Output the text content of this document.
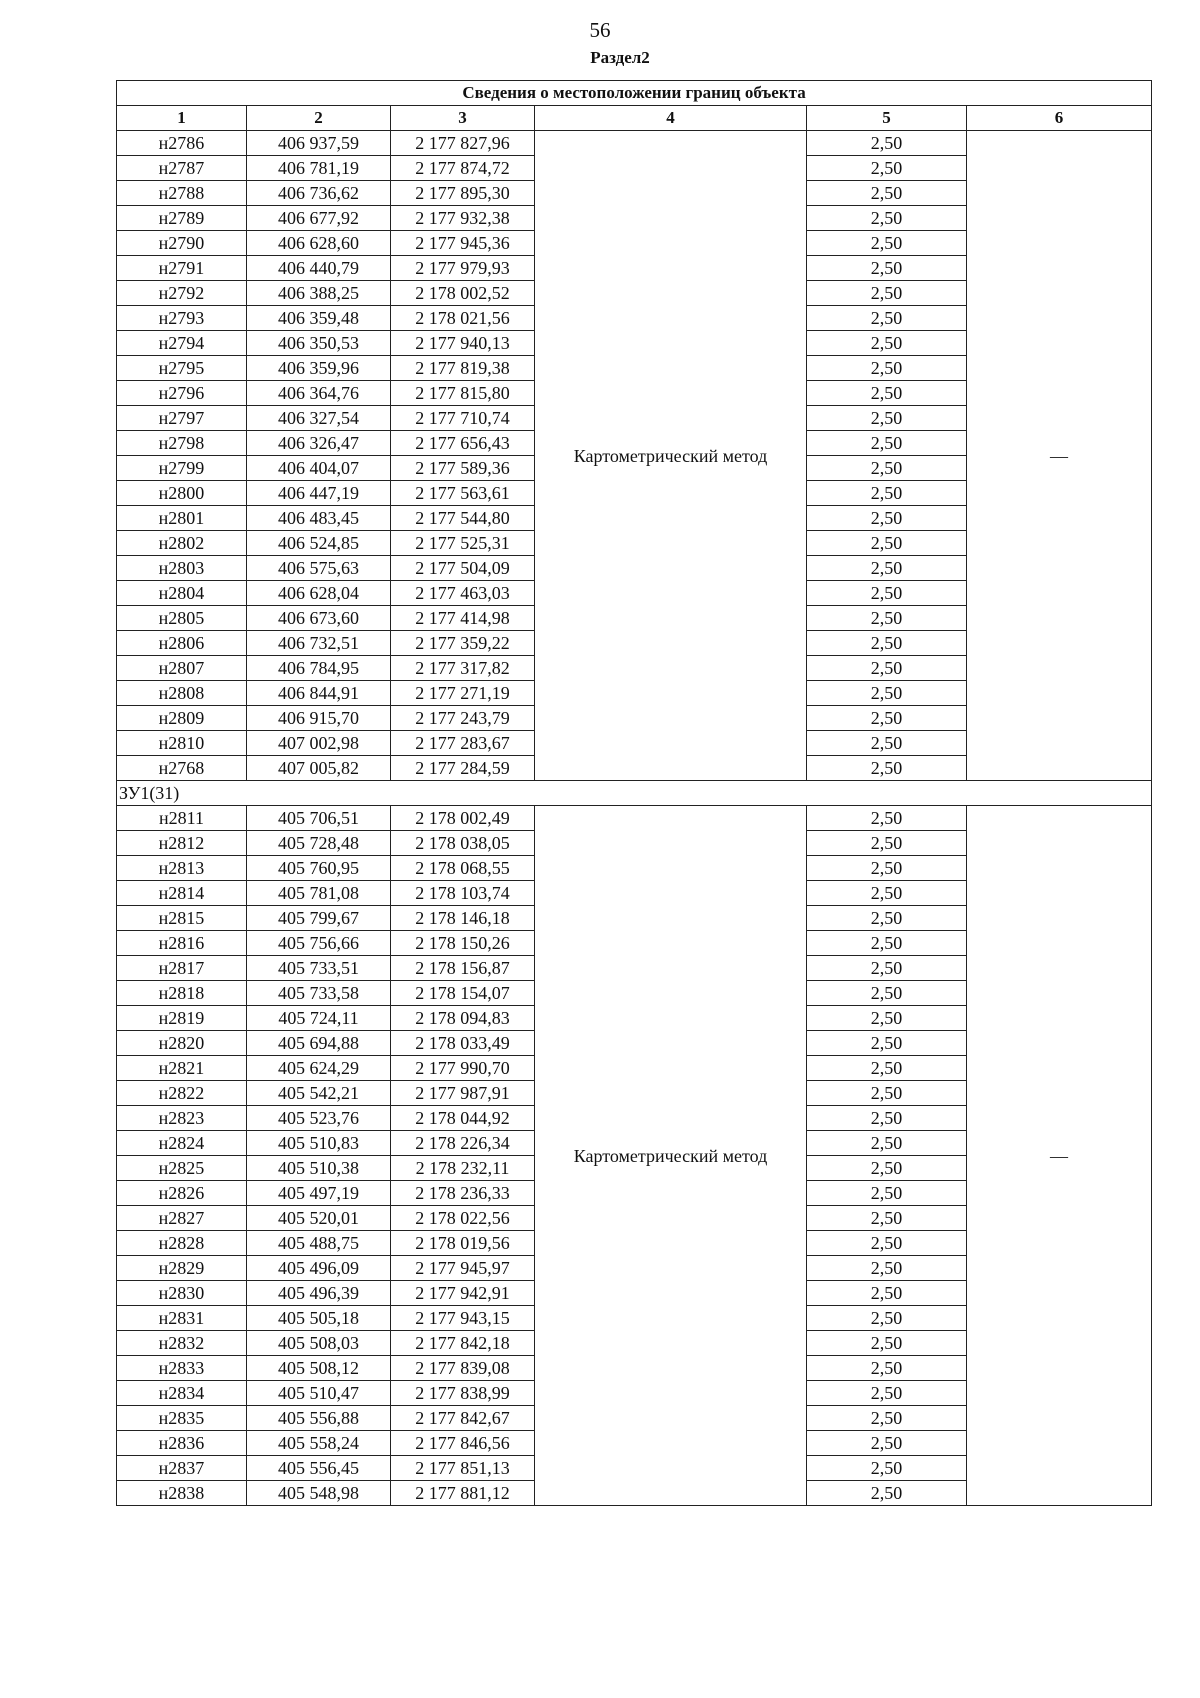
56
Раздел2
Сведения о местоположении границ объекта					
1	2	3	4	5	6
н2786	406 937,59	2 177 827,96	Картометрический метод	2,50	—
н2787	406 781,19	2 177 874,72		2,50	
н2788	406 736,62	2 177 895,30		2,50	
н2789	406 677,92	2 177 932,38		2,50	
н2790	406 628,60	2 177 945,36		2,50	
н2791	406 440,79	2 177 979,93		2,50	
н2792	406 388,25	2 178 002,52		2,50	
н2793	406 359,48	2 178 021,56		2,50	
н2794	406 350,53	2 177 940,13		2,50	
н2795	406 359,96	2 177 819,38		2,50	
н2796	406 364,76	2 177 815,80		2,50	
н2797	406 327,54	2 177 710,74		2,50	
н2798	406 326,47	2 177 656,43		2,50	
н2799	406 404,07	2 177 589,36		2,50	
н2800	406 447,19	2 177 563,61		2,50	
н2801	406 483,45	2 177 544,80		2,50	
н2802	406 524,85	2 177 525,31		2,50	
н2803	406 575,63	2 177 504,09		2,50	
н2804	406 628,04	2 177 463,03		2,50	
н2805	406 673,60	2 177 414,98		2,50	
н2806	406 732,51	2 177 359,22		2,50	
н2807	406 784,95	2 177 317,82		2,50	
н2808	406 844,91	2 177 271,19		2,50	
н2809	406 915,70	2 177 243,79		2,50	
н2810	407 002,98	2 177 283,67		2,50	
н2768	407 005,82	2 177 284,59		2,50	
ЗУ1(31)					
н2811	405 706,51	2 178 002,49	Картометрический метод	2,50	—
н2812	405 728,48	2 178 038,05		2,50	
н2813	405 760,95	2 178 068,55		2,50	
н2814	405 781,08	2 178 103,74		2,50	
н2815	405 799,67	2 178 146,18		2,50	
н2816	405 756,66	2 178 150,26		2,50	
н2817	405 733,51	2 178 156,87		2,50	
н2818	405 733,58	2 178 154,07		2,50	
н2819	405 724,11	2 178 094,83		2,50	
н2820	405 694,88	2 178 033,49		2,50	
н2821	405 624,29	2 177 990,70		2,50	
н2822	405 542,21	2 177 987,91		2,50	
н2823	405 523,76	2 178 044,92		2,50	
н2824	405 510,83	2 178 226,34		2,50	
н2825	405 510,38	2 178 232,11		2,50	
н2826	405 497,19	2 178 236,33		2,50	
н2827	405 520,01	2 178 022,56		2,50	
н2828	405 488,75	2 178 019,56		2,50	
н2829	405 496,09	2 177 945,97		2,50	
н2830	405 496,39	2 177 942,91		2,50	
н2831	405 505,18	2 177 943,15		2,50	
н2832	405 508,03	2 177 842,18		2,50	
н2833	405 508,12	2 177 839,08		2,50	
н2834	405 510,47	2 177 838,99		2,50	
н2835	405 556,88	2 177 842,67		2,50	
н2836	405 558,24	2 177 846,56		2,50	
н2837	405 556,45	2 177 851,13		2,50	
н2838	405 548,98	2 177 881,12		2,50	
